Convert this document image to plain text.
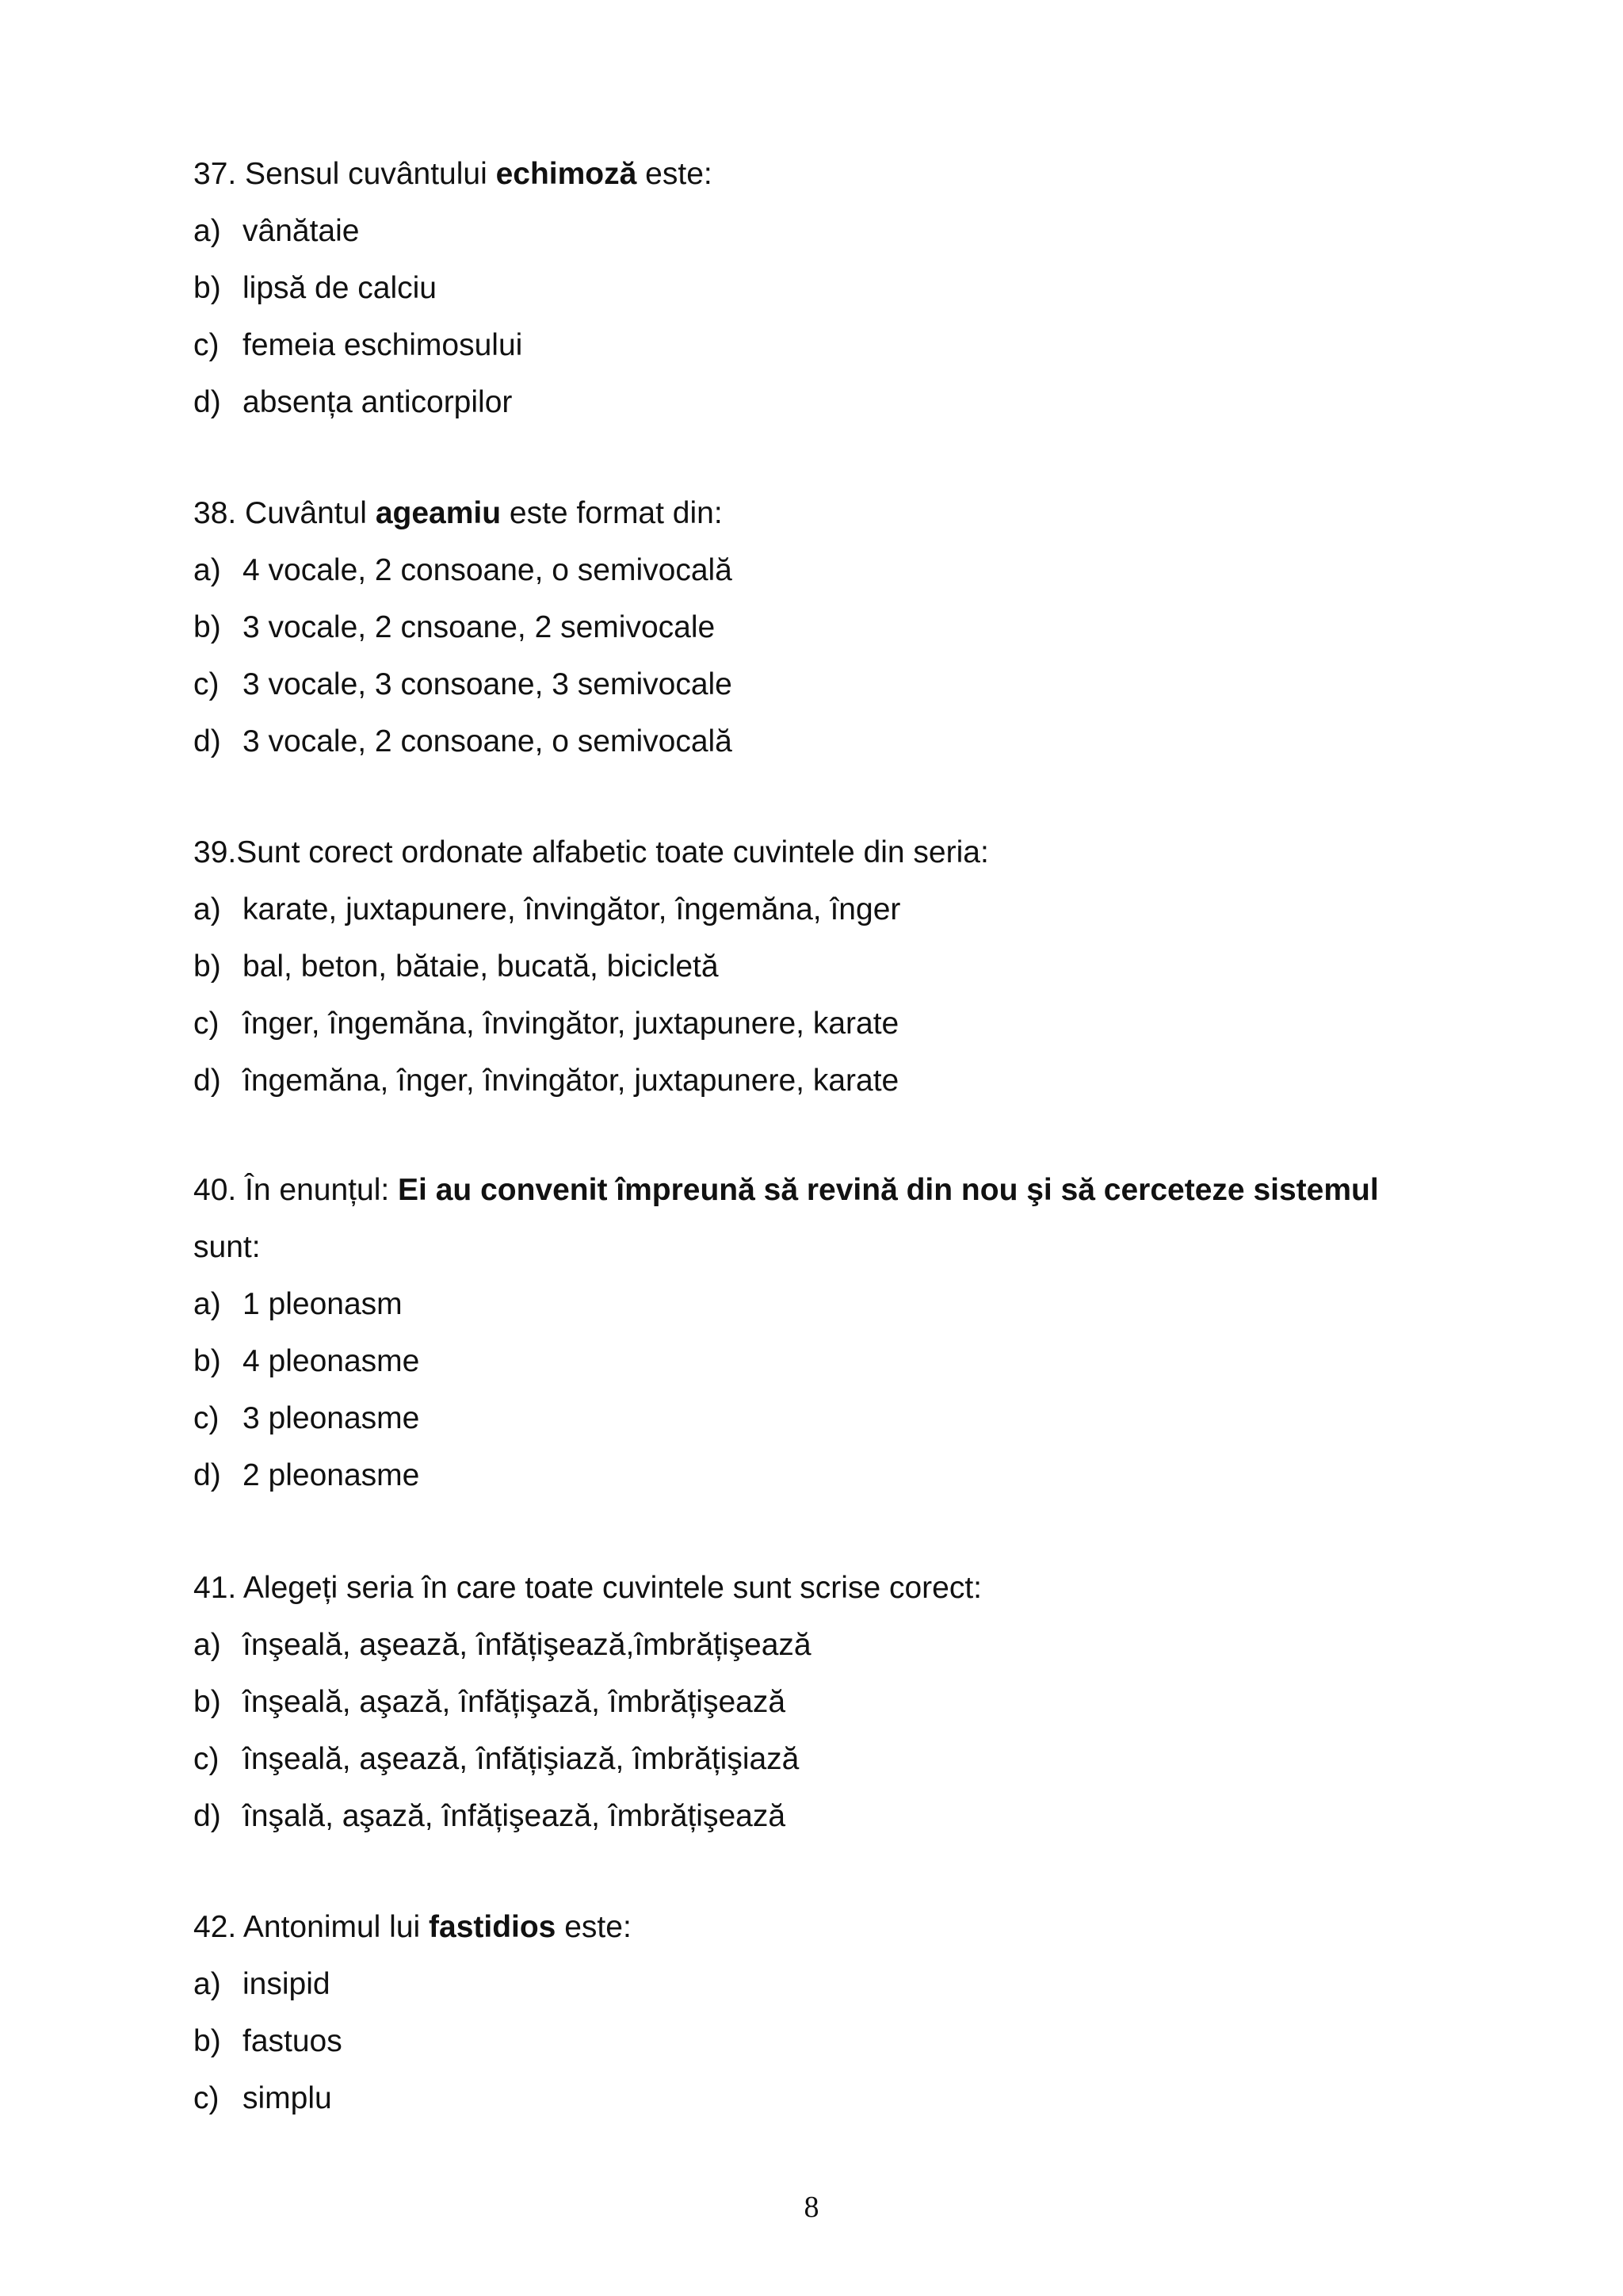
37. Sensul cuvântului echimoză este:
a) vânătaie
b) lipsă de calciu
c) femeia eschimosului
d) absența anticorpilor
38. Cuvântul ageamiu este format din:
a) 4 vocale, 2 consoane, o semivocală
b) 3 vocale, 2 cnsoane, 2 semivocale
c) 3 vocale, 3 consoane, 3 semivocale
d) 3 vocale, 2 consoane, o semivocală
39.Sunt corect ordonate alfabetic toate cuvintele din seria:
a) karate, juxtapunere, învingător, îngemăna, înger
b) bal, beton, bătaie, bucată, bicicletă
c) înger, îngemăna, învingător, juxtapunere, karate
d) îngemăna, înger, învingător, juxtapunere, karate
40. În enunțul: Ei au convenit împreună să revină din nou şi să cerceteze sistemul
sunt:
a) 1 pleonasm
b) 4 pleonasme
c) 3 pleonasme
d) 2 pleonasme
41. Alegeți seria în care toate cuvintele sunt scrise corect:
a) înşeală, aşează, înfățişează,îmbrățişează
b) înşeală, aşază, înfățişază, îmbrățişează
c) înşeală, aşează, înfățişiază, îmbrățişiază
d) înşală, aşază, înfățişează, îmbrățişează
42. Antonimul lui fastidios este:
a) insipid
b) fastuos
c) simplu
8
